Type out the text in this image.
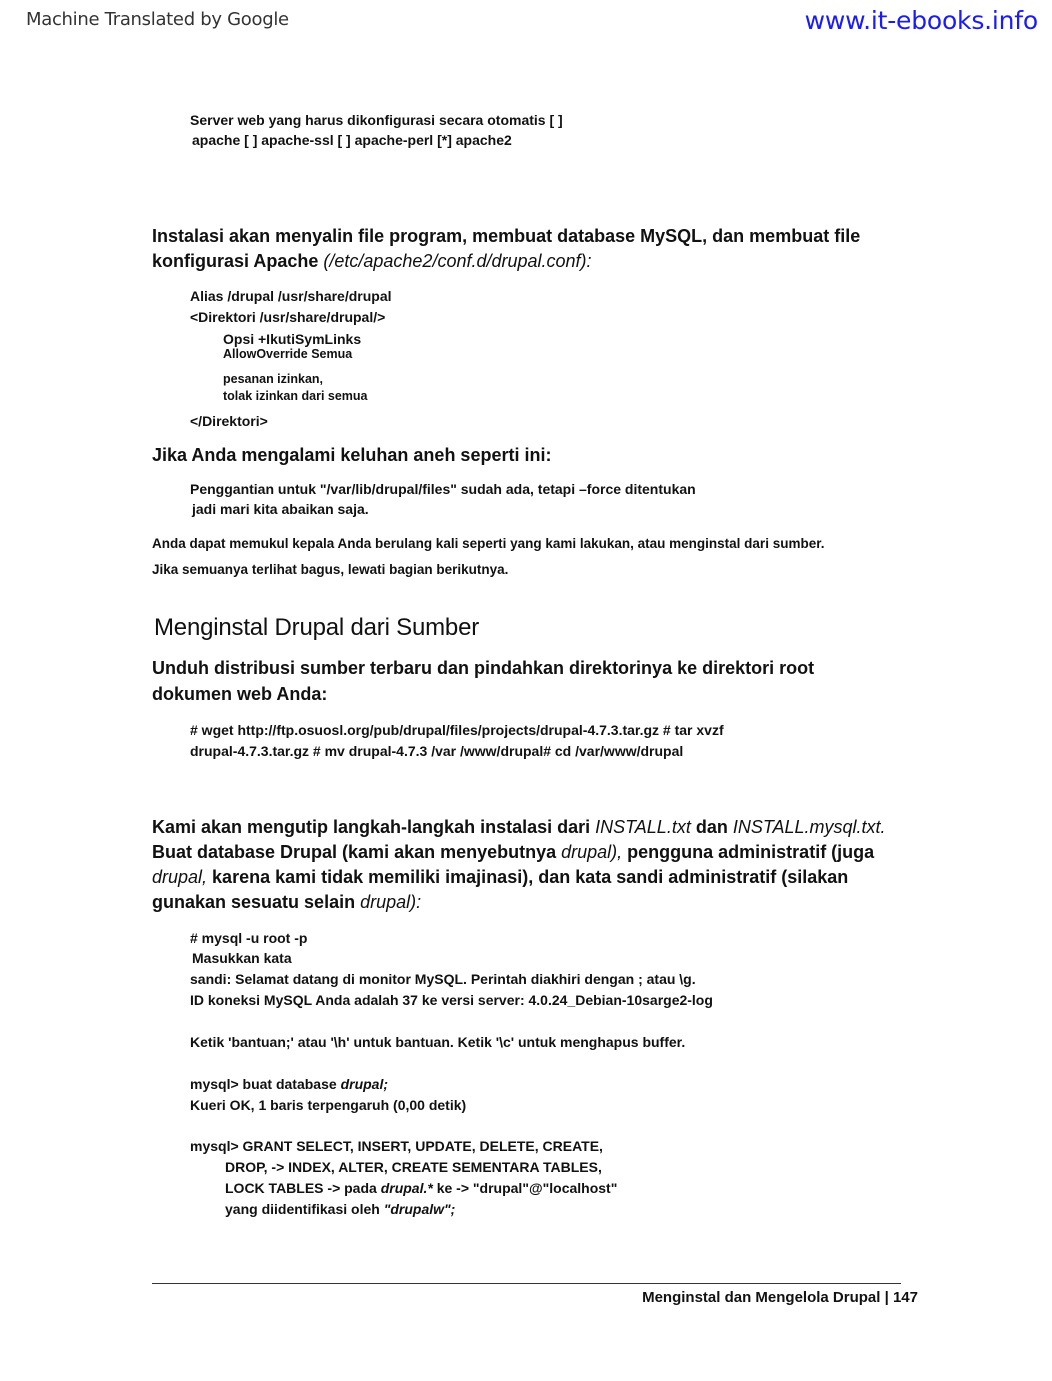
Machine Translated by Google	www.it-ebooks.info
Server web yang harus dikonfigurasi secara otomatis [ ]
apache [ ] apache-ssl [ ] apache-perl [*] apache2
Instalasi akan menyalin file program, membuat database MySQL, dan membuat file
konfigurasi Apache (/etc/apache2/conf.d/drupal.conf):
Alias /drupal /usr/share/drupal
<Direktori /usr/share/drupal/>
Opsi +IkutiSymLinks
AllowOverride Semua
pesanan izinkan,
tolak izinkan dari semua
</Direktori>
Jika Anda mengalami keluhan aneh seperti ini:
Penggantian untuk "/var/lib/drupal/files" sudah ada, tetapi –force ditentukan
jadi mari kita abaikan saja.
Anda dapat memukul kepala Anda berulang kali seperti yang kami lakukan, atau menginstal dari sumber.
Jika semuanya terlihat bagus, lewati bagian berikutnya.
Menginstal Drupal dari Sumber
Unduh distribusi sumber terbaru dan pindahkan direktorinya ke direktori root
dokumen web Anda:
# wget http://ftp.osuosl.org/pub/drupal/files/projects/drupal-4.7.3.tar.gz # tar xvzf
drupal-4.7.3.tar.gz # mv drupal-4.7.3 /var /www/drupal# cd /var/www/drupal
Kami akan mengutip langkah-langkah instalasi dari INSTALL.txt dan INSTALL.mysql.txt.
Buat database Drupal (kami akan menyebutnya drupal), pengguna administratif (juga
drupal, karena kami tidak memiliki imajinasi), dan kata sandi administratif (silakan
gunakan sesuatu selain drupal):
# mysql -u root -p
Masukkan kata
sandi: Selamat datang di monitor MySQL. Perintah diakhiri dengan ; atau \g.
ID koneksi MySQL Anda adalah 37 ke versi server: 4.0.24_Debian-10sarge2-log
Ketik 'bantuan;' atau '\h' untuk bantuan. Ketik '\c' untuk menghapus buffer.
mysql> buat database drupal;
Kueri OK, 1 baris terpengaruh (0,00 detik)
mysql> GRANT SELECT, INSERT, UPDATE, DELETE, CREATE,
DROP, -> INDEX, ALTER, CREATE SEMENTARA TABLES,
LOCK TABLES -> pada drupal.* ke -> "drupal"@"localhost"
yang diidentifikasi oleh "drupalw";
Menginstal dan Mengelola Drupal | 147
